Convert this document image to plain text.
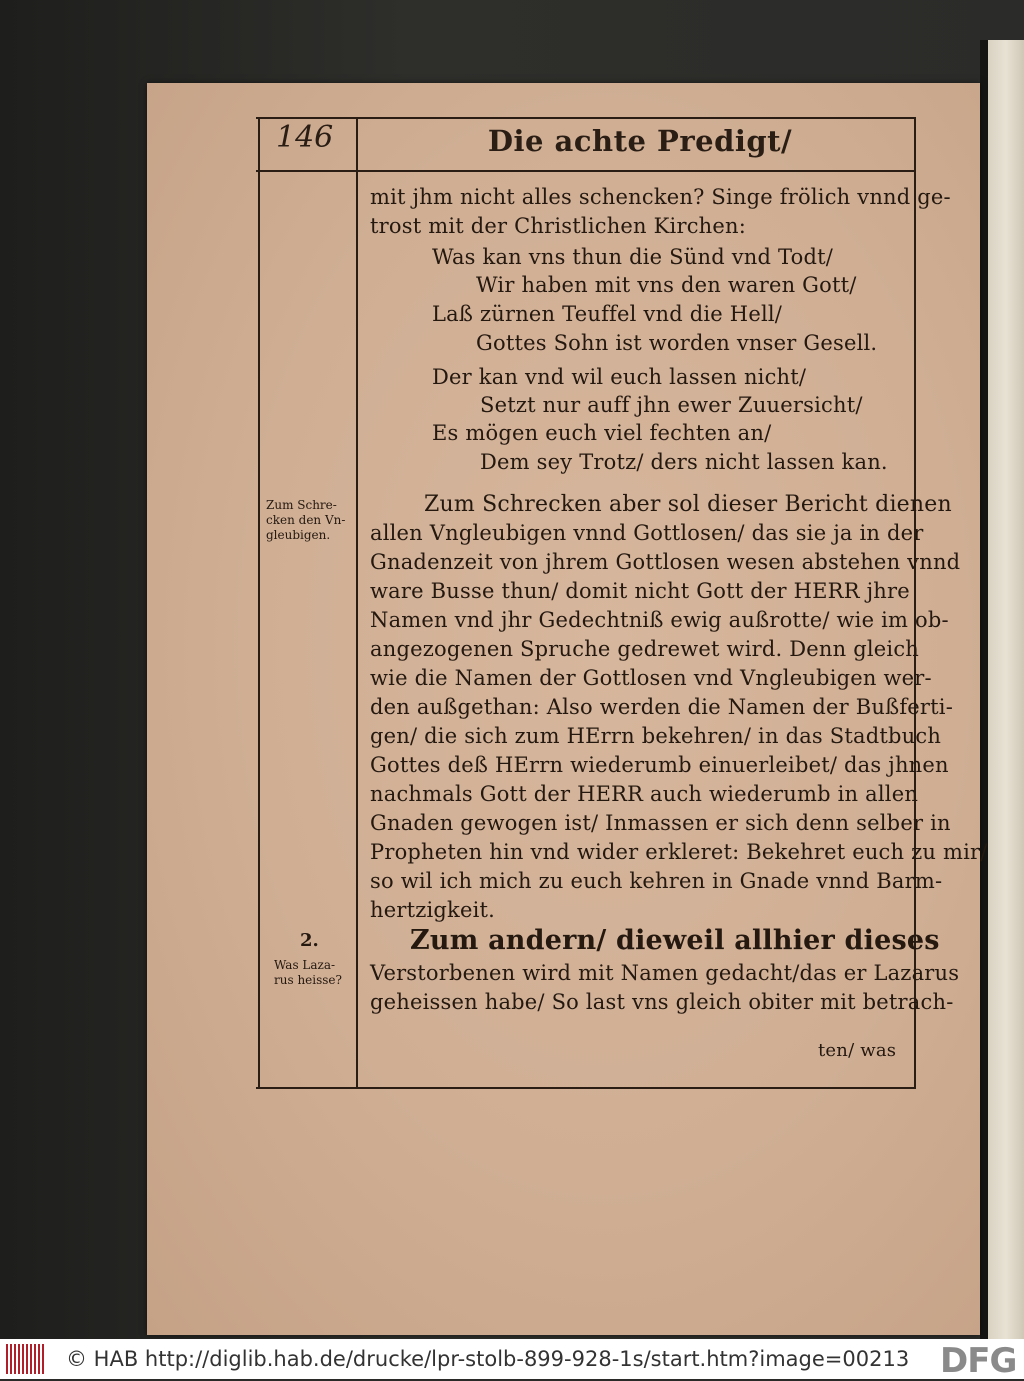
146	Die achte Predigt/
mit jhm nicht alles schencken? Singe frölich vnnd ge-
trost mit der Christlichen Kirchen:
Was kan vns thun die Sünd vnd Todt/
Wir haben mit vns den waren Gott/
Laß zürnen Teuffel vnd die Hell/
Gottes Sohn ist worden vnser Gesell.
Der kan vnd wil euch lassen nicht/
Setzt nur auff jhn ewer Zuuersicht/
Es mögen euch viel fechten an/
Dem sey Trotz/ ders nicht lassen kan.
Zum Schrecken aber sol dieser Bericht dienen
allen Vngleubigen vnnd Gottlosen/ das sie ja in der
Gnadenzeit von jhrem Gottlosen wesen abstehen vnnd
ware Busse thun/ domit nicht Gott der HERR jhre
Namen vnd jhr Gedechtniß ewig außrotte/ wie im ob-
angezogenen Spruche gedrewet wird. Denn gleich
wie die Namen der Gottlosen vnd Vngleubigen wer-
den außgethan: Also werden die Namen der Bußferti-
gen/ die sich zum HErrn bekehren/ in das Stadtbuch
Gottes deß HErrn wiederumb einuerleibet/ das jhnen
nachmals Gott der HERR auch wiederumb in allen
Gnaden gewogen ist/ Inmassen er sich denn selber in
Propheten hin vnd wider erkleret: Bekehret euch zu mir/
so wil ich mich zu euch kehren in Gnade vnnd Barm-
hertzigkeit.
Zum andern/ dieweil allhier dieses
Verstorbenen wird mit Namen gedacht/das er Lazarus
geheissen habe/ So last vns gleich obiter mit betrach-
ten/ was
Zum Schre-
cken den Vn-
gleubigen.
2.
Was Laza-
rus heisse?
© HAB http://diglib.hab.de/drucke/lpr-stolb-899-928-1s/start.htm?image=00213 DFG
